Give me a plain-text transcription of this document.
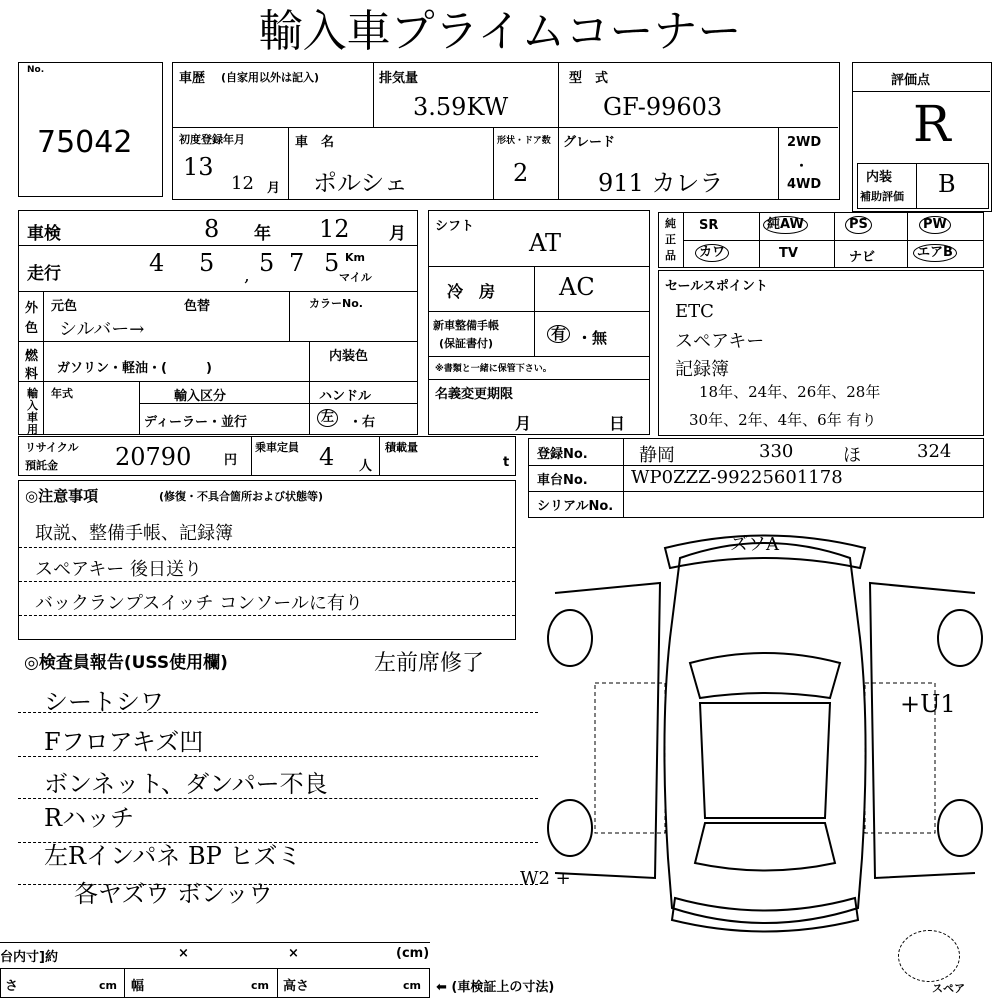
輸入車プライムコーナー
No.
75042
車歴 (自家用以外は記入)	排気量
3.59KW
型　式
GF-99603
初度登録年月
13
12 月
車　名
ポルシェ
形状・ドア数
2
グレード
911 カレラ
2WD
・
4WD
評価点
R
内装
補助評価 B
車検	8 年 12 月
走行	4 5 5 7 5
,
Km
マイル
外
色
元色	色替	カラーNo.
シルバー→
燃
料 ガソリン・軽油・(　　　)
内装色
輸
入
車
用
年式	輸入区分
ディーラー・並行
ハンドル
左	・右
シフト
AT
冷　房	AC
新車整備手帳
(保証書付)
有 ・無
※書類と一緒に保管下さい。
名義変更期限
月	日
純
正
品
SR	純AW	PS	PW
カワ	TV	ナビ	エアB
セールスポイント
ETC
スペアキー
記録簿
18年、24年、26年、28年
30年、2年、4年、6年 有り
リサイクル
預託金 20790	円
乗車定員 4 人
積載量
t
登録No.	静岡	330	ほ	324
車台No. WP0ZZZ-99225601178
シリアルNo.
◎注意事項	(修復・不具合箇所および状態等)
取説、整備手帳、記録簿
スペアキー 後日送り
バックランプスイッチ コンソールに有り
◎検査員報告(USS使用欄)	左前席修了
シートシワ
Fフロアキズ凹
ボンネット、ダンパー不良
Rハッチ
左Rインパネ BP ヒズミ
各ヤズウ ボンッウ
ズソA
+U1
W2 +
スペア
台内寸]約	×	×	(cm)
さ	cm 幅	cm 高さ	cm ⬅ (車検証上の寸法)
